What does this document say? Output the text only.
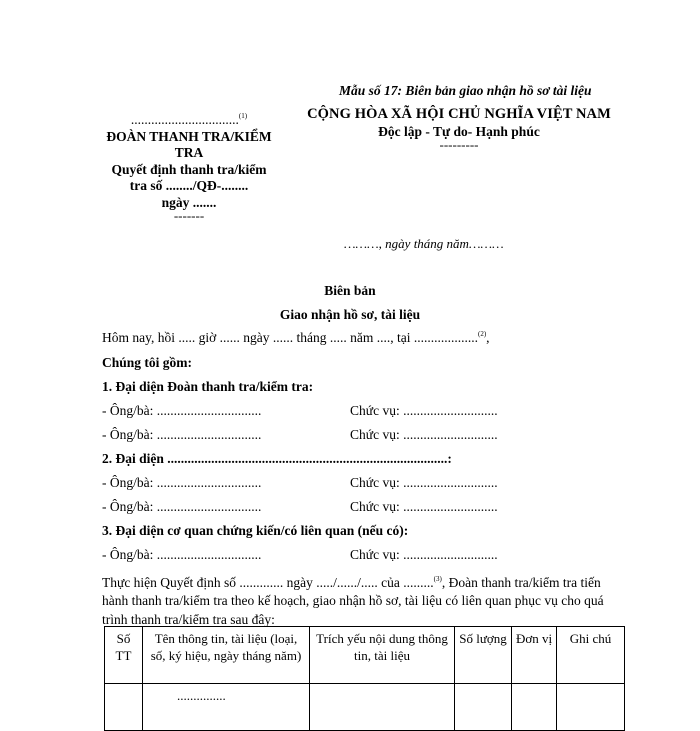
Mẫu số 17: Biên bản giao nhận hồ sơ tài liệu
................................$^{(1)}$
ĐOÀN THANH TRA/KIỂM
TRA
Quyết định thanh tra/kiểm
tra số ......../QĐ-........
ngày .......
-------
CỘNG HÒA XÃ HỘI CHỦ NGHĨA VIỆT NAM
Độc lập - Tự do- Hạnh phúc
---------
………, ngày tháng năm………
Biên bản
Giao nhận hồ sơ, tài liệu
Hôm nay, hồi ..... giờ ...... ngày ...... tháng ..... năm ...., tại ...................$^{(2)}$,
Chúng tôi gồm:
1. Đại diện Đoàn thanh tra/kiểm tra:
- Ông/bà: ...............................	Chức vụ: ............................
- Ông/bà: ...............................	Chức vụ: ............................
2. Đại diện ...................................................................................:
- Ông/bà: ...............................	Chức vụ: ............................
- Ông/bà: ...............................	Chức vụ: ............................
3. Đại diện cơ quan chứng kiến/có liên quan (nếu có):
- Ông/bà: ...............................	Chức vụ: ............................
Thực hiện Quyết định số ............. ngày ...../....../..... của .........$^{(3)}$, Đoàn thanh tra/kiểm tra tiến hành thanh tra/kiểm tra theo kế hoạch, giao nhận hồ sơ, tài liệu có liên quan phục vụ cho quá trình thanh tra/kiểm tra sau đây:
Số TT	Tên thông tin, tài liệu (loại, số, ký hiệu, ngày tháng năm)	Trích yếu nội dung thông tin, tài liệu	Số lượng	Đơn vị	Ghi chú
	...............				
